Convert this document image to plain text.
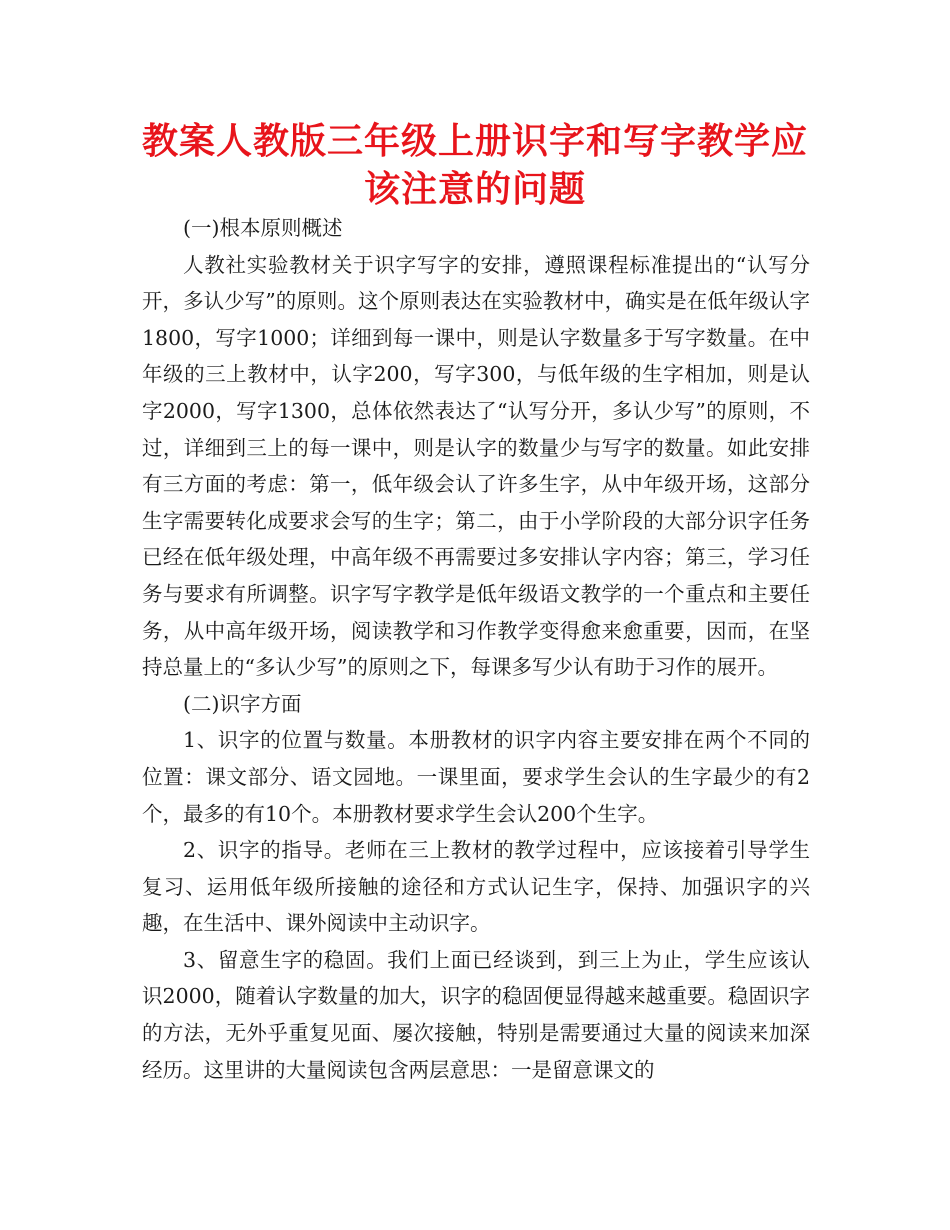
教案人教版三年级上册识字和写字教学应该注意的问题

(一)根本原则概述

人教社实验教材关于识字写字的安排，遵照课程标准提出的“认写分开，多认少写”的原则。这个原则表达在实验教材中，确实是在低年级认字1800，写字1000；详细到每一课中，则是认字数量多于写字数量。在中年级的三上教材中，认字200，写字300，与低年级的生字相加，则是认字2000，写字1300，总体依然表达了“认写分开，多认少写”的原则，不过，详细到三上的每一课中，则是认字的数量少与写字的数量。如此安排有三方面的考虑：第一，低年级会认了许多生字，从中年级开场，这部分生字需要转化成要求会写的生字；第二，由于小学阶段的大部分识字任务已经在低年级处理，中高年级不再需要过多安排认字内容；第三，学习任务与要求有所调整。识字写字教学是低年级语文教学的一个重点和主要任务，从中高年级开场，阅读教学和习作教学变得愈来愈重要，因而，在坚持总量上的“多认少写”的原则之下，每课多写少认有助于习作的展开。

(二)识字方面

1、识字的位置与数量。本册教材的识字内容主要安排在两个不同的位置：课文部分、语文园地。一课里面，要求学生会认的生字最少的有2个，最多的有10个。本册教材要求学生会认200个生字。

2、识字的指导。老师在三上教材的教学过程中，应该接着引导学生复习、运用低年级所接触的途径和方式认记生字，保持、加强识字的兴趣，在生活中、课外阅读中主动识字。

3、留意生字的稳固。我们上面已经谈到，到三上为止，学生应该认识2000，随着认字数量的加大，识字的稳固便显得越来越重要。稳固识字的方法，无外乎重复见面、屡次接触，特别是需要通过大量的阅读来加深经历。这里讲的大量阅读包含两层意思：一是留意课文的
